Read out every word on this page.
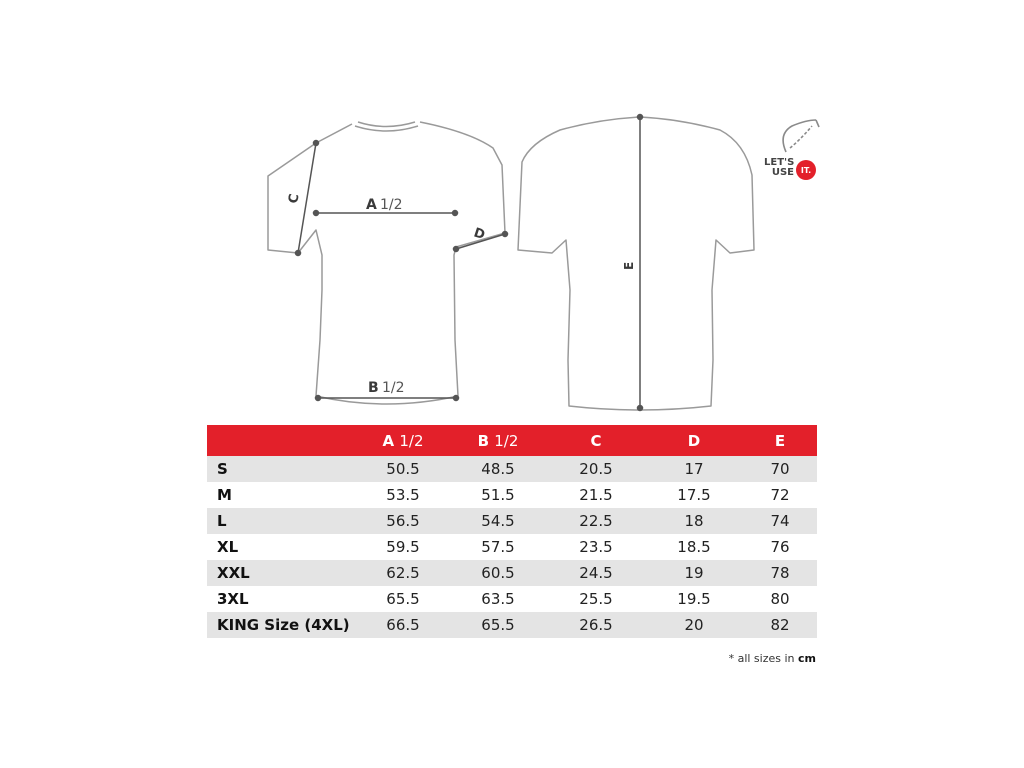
A 1/2
B 1/2
C
D
E
LET'S
USE IT.
	A 1/2	B 1/2	C	D	E
S	50.5	48.5	20.5	17	70
M	53.5	51.5	21.5	17.5	72
L	56.5	54.5	22.5	18	74
XL	59.5	57.5	23.5	18.5	76
XXL	62.5	60.5	24.5	19	78
3XL	65.5	63.5	25.5	19.5	80
KING Size (4XL)	66.5	65.5	26.5	20	82
* all sizes in cm
